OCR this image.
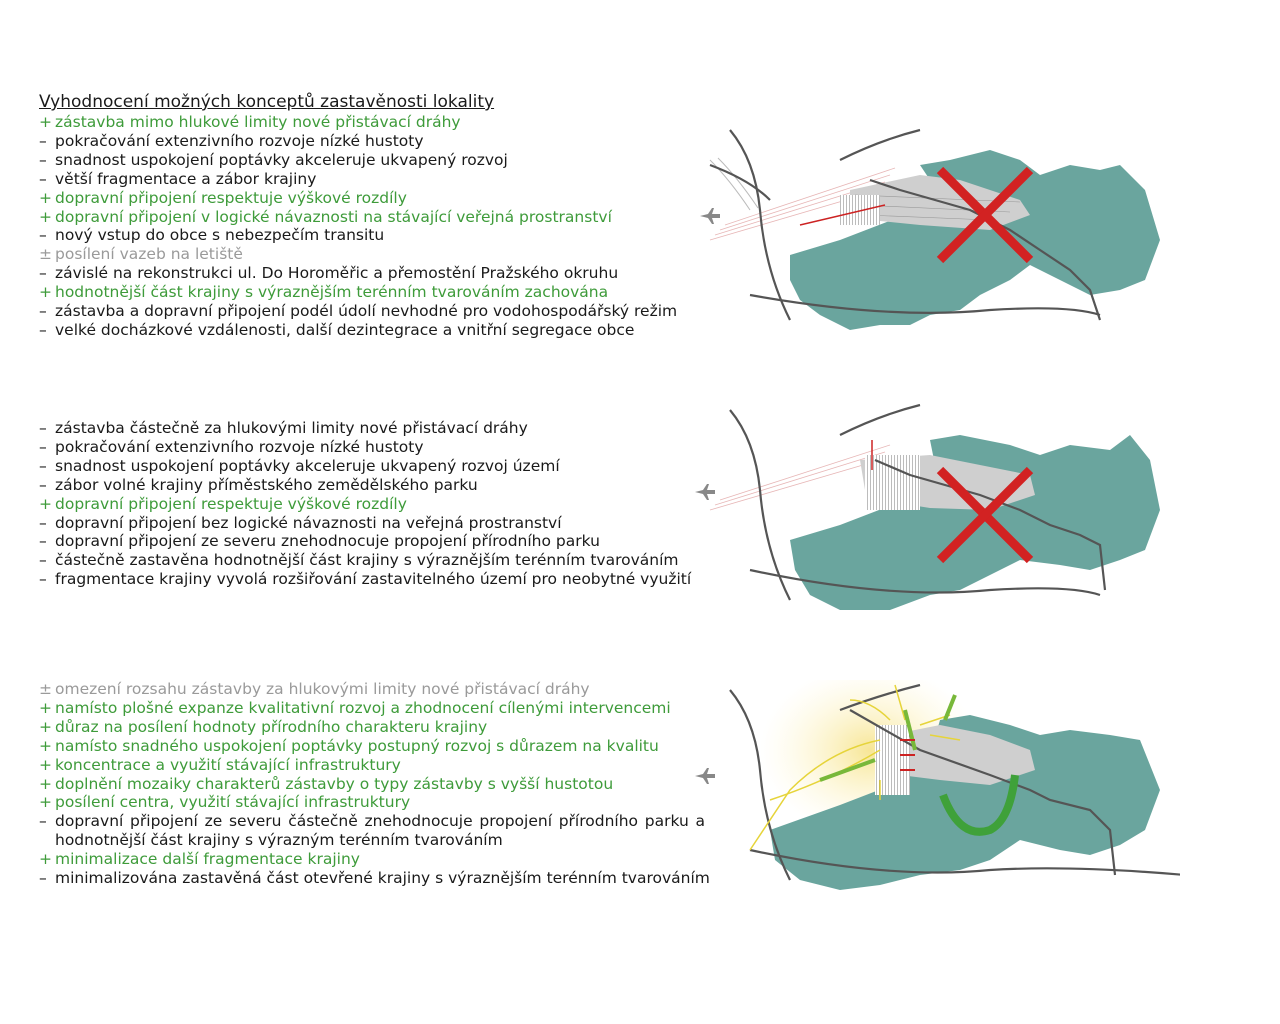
Vyhodnocení možných konceptů zastavěnosti lokality
+ zástavba mimo hlukové limity nové přistávací dráhy
– pokračování extenzivního rozvoje nízké hustoty
– snadnost uspokojení poptávky akceleruje ukvapený rozvoj
– větší fragmentace a zábor krajiny
+ dopravní připojení respektuje výškové rozdíly
+ dopravní připojení v logické návaznosti na stávající veřejná prostranství
– nový vstup do obce s nebezpečím transitu
± posílení vazeb na letiště
– závislé na rekonstrukci ul. Do Horoměřic a přemostění Pražského okruhu
+ hodnotnější část krajiny s výraznějším terénním tvarováním zachována
– zástavba a dopravní připojení podél údolí nevhodné pro vodohospodářský režim
– velké docházkové vzdálenosti, další dezintegrace a vnitřní segregace obce
– zástavba částečně za hlukovými limity nové přistávací dráhy
– pokračování extenzivního rozvoje nízké hustoty
– snadnost uspokojení poptávky akceleruje ukvapený rozvoj území
– zábor volné krajiny příměstského zemědělského parku
+ dopravní připojení respektuje výškové rozdíly
– dopravní připojení bez logické návaznosti na veřejná prostranství
– dopravní připojení ze severu znehodnocuje propojení přírodního parku
– částečně zastavěna hodnotnější část krajiny s výraznějším terénním tvarováním
– fragmentace krajiny vyvolá rozšiřování zastavitelného území pro neobytné využití
± omezení rozsahu zástavby za hlukovými limity nové přistávací dráhy
+ namísto plošné expanze kvalitativní rozvoj a zhodnocení cílenými intervencemi
+ důraz na posílení hodnoty přírodního charakteru krajiny
+ namísto snadného uspokojení poptávky postupný rozvoj s důrazem na kvalitu
+ koncentrace a využití stávající infrastruktury
+ doplnění mozaiky charakterů zástavby o typy zástavby s vyšší hustotou
+ posílení centra, využití stávající infrastruktury
– dopravní připojení ze severu částečně znehodnocuje propojení přírodního parku a hodnotnější část krajiny s výrazným terénním tvarováním
+ minimalizace další fragmentace krajiny
– minimalizována zastavěná část otevřené krajiny s výraznějším terénním tvarováním
